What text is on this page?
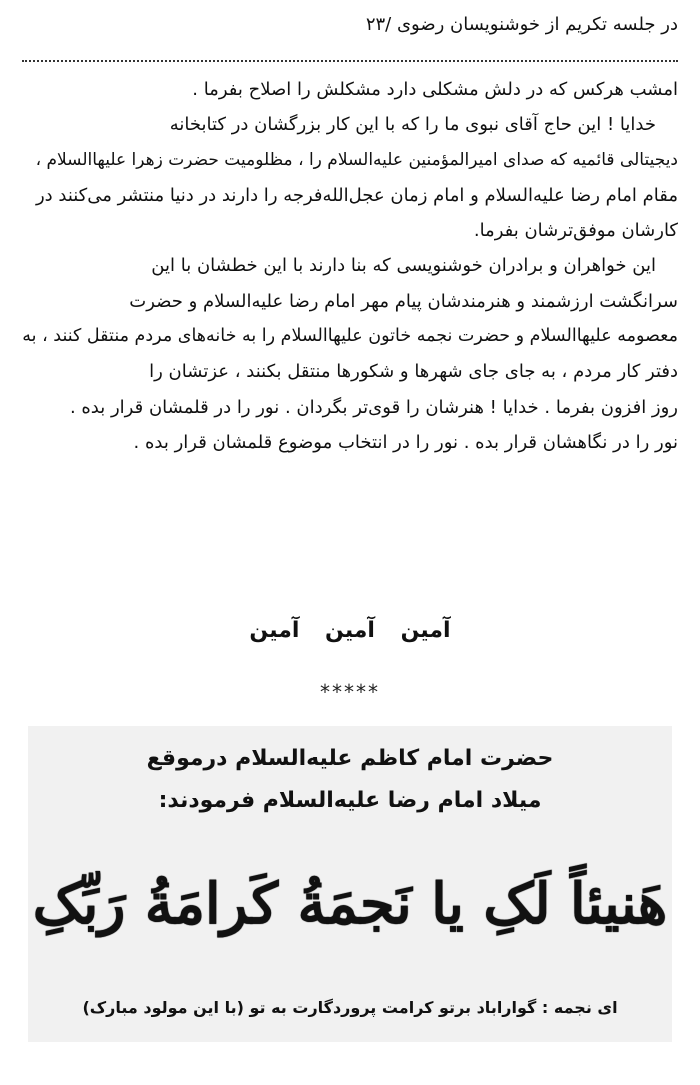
در جلسه تکریم از خوشنویسان رضوی /۲۳
امشب هرکس که در دلش مشکلی دارد مشکلش را اصلاح بفرما .
خدایا ! این حاج آقای نبوی ما را که با این کار بزرگشان در کتابخانه
دیجیتالی قائمیه که صدای امیرالمؤمنین عليه‌السلام را ، مظلومیت حضرت زهرا عليهاالسلام ،
مقام امام رضا عليه‌السلام و امام زمان عجل‌الله‌فرجه را دارند در دنیا منتشر می‌کنند در
کارشان موفق‌ترشان بفرما.
این خواهران و برادران خوشنویسی که بنا دارند با این خطشان با این
سرانگشت ارزشمند و هنرمندشان پیام مهر امام رضا عليه‌السلام و حضرت
معصومه عليهاالسلام و حضرت نجمه خاتون عليهاالسلام را به خانه‌های مردم منتقل کنند ، به
دفتر کار مردم ، به جای جای شهرها و شکورها منتقل بکنند ، عزتشان را
روز افزون بفرما . خدایا ! هنرشان را قوی‌تر بگردان . نور را در قلمشان قرار بده .
نور را در نگاهشان قرار بده . نور را در انتخاب موضوع قلمشان قرار بده .
آمین آمین آمین
*****
حضرت امام کاظم عليه‌السلام درموقع
میلاد امام رضا عليه‌السلام فرمودند:
هَنیئاً لَکِ یا نَجمَةُ کَرامَةُ رَبِّکِ
ای نجمه : گواراباد برتو کرامت پروردگارت به تو (با این مولود مبارک)
